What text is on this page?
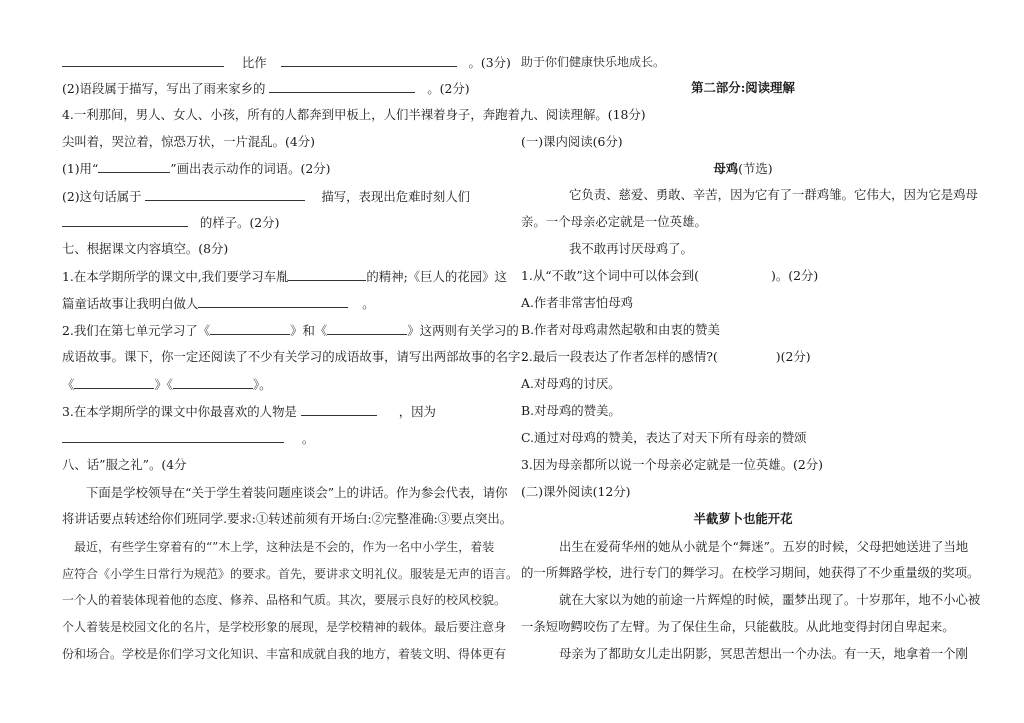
比作	。(3分)
(2)语段属于描写，写出了雨来家乡的	。(2分)
4.一利那间，男人、女人、小孩，所有的人都奔到甲板上，人们半裸着身子，奔跑着，
尖叫着，哭泣着，惊恐万状，一片混乱。(4分)
(1)用“	”画出表示动作的词语。(2分)
(2)这句话属于	描写，表现出危难时刻人们
的样子。(2分)
七、根据课文内容填空。(8分)
1.在本学期所学的课文中,我们要学习车胤	的精神;《巨人的花园》这
篇童话故事让我明白做人	。
2.我们在第七单元学习了《	》和《	》这两则有关学习的
成语故事。课下，你一定还阅读了不少有关学习的成语故事，请写出两部故事的名字：
《	》《	》。
3.在本学期所学的课文中你最喜欢的人物是	，因为
。
八、话”服之礼”。(4分
下面是学校领导在“关于学生着装问题座谈会”上的讲话。作为参会代表，请你
将讲话要点转述给你们班同学.要求:①转述前须有开场白:②完整准确:③要点突出。
最近，有些学生穿着有的“”木上学，这种法是不会的，作为一名中小学生，着装
应符合《小学生日常行为规范》的要求。首先，要讲求文明礼仪。服装是无声的语言。
一个人的着装体现着他的态度、修养、品格和气质。其次，要展示良好的校风校貌。
个人着装是校园文化的名片，是学校形象的展现，是学校精神的载体。最后要注意身
份和场合。学校是你们学习文化知识、丰富和成就自我的地方，着装文明、得体更有
助于你们健康快乐地成长。
第二部分:阅读理解
九、阅读理解。(18分)
(一)课内阅读(6分)
母鸡(节选)
它负责、慈爱、勇敢、辛苦，因为它有了一群鸡雏。它伟大，因为它是鸡母
亲。一个母亲必定就是一位英雄。
我不敢再讨厌母鸡了。
1.从“不敢”这个词中可以体会到(	)。(2分)
A.作者非常害怕母鸡
B.作者对母鸡肃然起敬和由衷的赞美
2.最后一段表达了作者怎样的感情?(	)(2分)
A.对母鸡的讨厌。
B.对母鸡的赞美。
C.通过对母鸡的赞美，表达了对天下所有母亲的赞颂
3.因为母亲都所以说一个母亲必定就是一位英雄。(2分)
(二)课外阅读(12分)
半截萝卜也能开花
出生在爱荷华州的她从小就是个“舞迷”。五岁的时候，父母把她送进了当地
的一所舞路学校，进行专门的舞学习。在校学习期间，她获得了不少重量级的奖项。
就在大家以为她的前途一片辉煌的时候，噩梦出现了。十岁那年，地不小心被
一条短吻鳄咬伤了左臂。为了保住生命，只能截肢。从此地变得封闭自卑起来。
母亲为了都助女儿走出阴影，冥思苦想出一个办法。有一天，地拿着一个刚
